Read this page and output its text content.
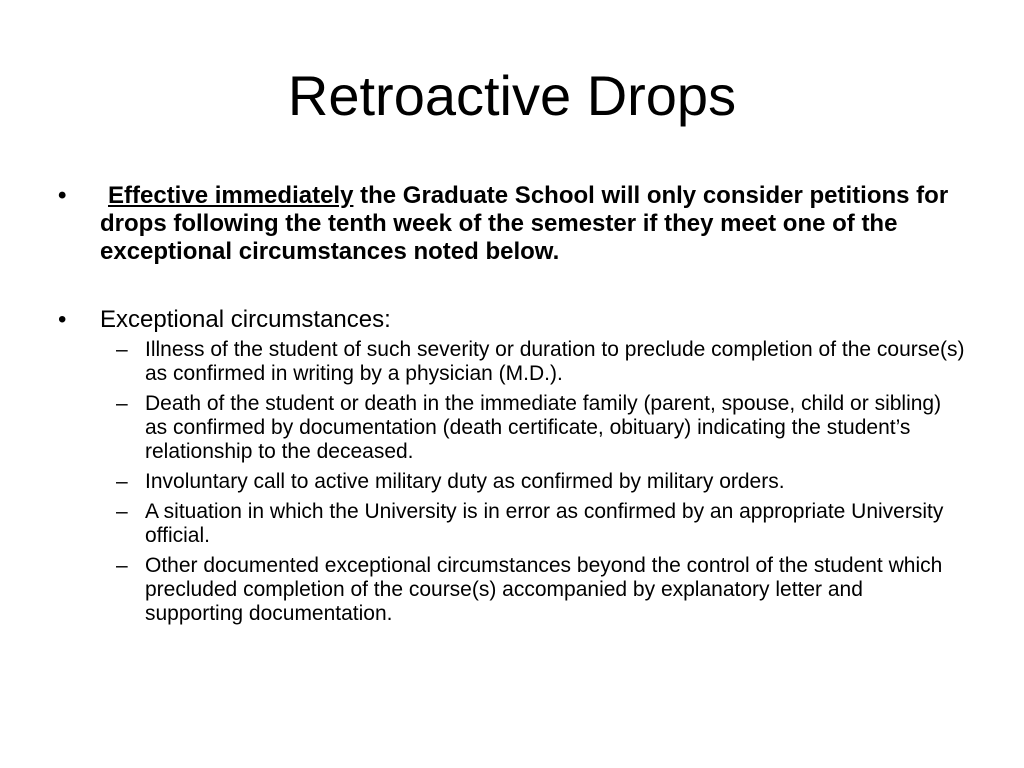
Retroactive Drops
• Effective immediately the Graduate School will only consider petitions for drops following the tenth week of the semester if they meet one of the exceptional circumstances noted below.
• Exceptional circumstances:
– Illness of the student of such severity or duration to preclude completion of the course(s) as confirmed in writing by a physician (M.D.).
– Death of the student or death in the immediate family (parent, spouse, child or sibling) as confirmed by documentation (death certificate, obituary) indicating the student’s relationship to the deceased.
– Involuntary call to active military duty as confirmed by military orders.
– A situation in which the University is in error as confirmed by an appropriate University official.
– Other documented exceptional circumstances beyond the control of the student which precluded completion of the course(s) accompanied by explanatory letter and supporting documentation.
